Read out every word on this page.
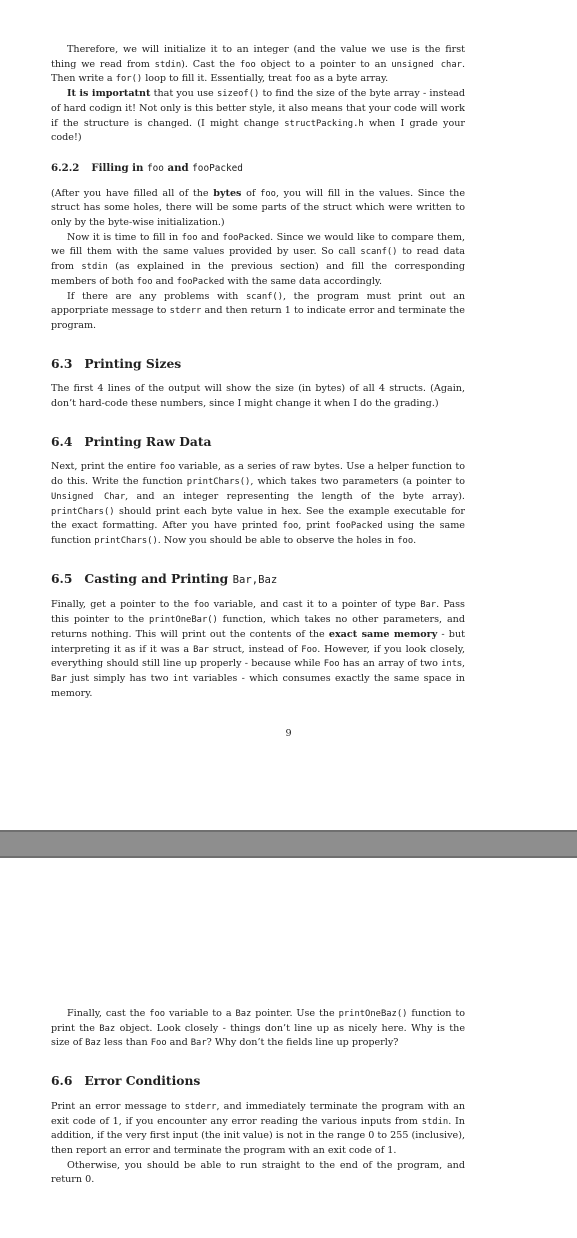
Therefore, we will initialize it to an integer (and the value we use is the first thing we read from stdin). Cast the foo object to a pointer to an unsigned char. Then write a for() loop to fill it. Essentially, treat foo as a byte array.

It is importatnt that you use sizeof() to find the size of the byte array - instead of hard codign it! Not only is this better style, it also means that your code will work if the structure is changed. (I might change structPacking.h when I grade your code!)

6.2.2 Filling in foo and fooPacked

(After you have filled all of the bytes of foo, you will fill in the values. Since the struct has some holes, there will be some parts of the struct which were written to only by the byte-wise initialization.)

Now it is time to fill in foo and fooPacked. Since we would like to compare them, we fill them with the same values provided by user. So call scanf() to read data from stdin (as explained in the previous section) and fill the corresponding members of both foo and fooPacked with the same data accordingly.

If there are any problems with scanf(), the program must print out an apporpriate message to stderr and then return 1 to indicate error and terminate the program.

6.3 Printing Sizes

The first 4 lines of the output will show the size (in bytes) of all 4 structs. (Again, don’t hard-code these numbers, since I might change it when I do the grading.)

6.4 Printing Raw Data

Next, print the entire foo variable, as a series of raw bytes. Use a helper function to do this. Write the function printChars(), which takes two parameters (a pointer to Unsigned Char, and an integer representing the length of the byte array). printChars() should print each byte value in hex. See the example executable for the exact formatting. After you have printed foo, print fooPacked using the same function printChars(). Now you should be able to observe the holes in foo.

6.5 Casting and Printing Bar,Baz

Finally, get a pointer to the foo variable, and cast it to a pointer of type Bar. Pass this pointer to the printOneBar() function, which takes no other parameters, and returns nothing. This will print out the contents of the exact same memory - but interpreting it as if it was a Bar struct, instead of Foo. However, if you look closely, everything should still line up properly - because while Foo has an array of two ints, Bar just simply has two int variables - which consumes exactly the same space in memory.

9

Finally, cast the foo variable to a Baz pointer. Use the printOneBaz() function to print the Baz object. Look closely - things don’t line up as nicely here. Why is the size of Baz less than Foo and Bar? Why don’t the fields line up properly?

6.6 Error Conditions

Print an error message to stderr, and immediately terminate the program with an exit code of 1, if you encounter any error reading the various inputs from stdin. In addition, if the very first input (the init value) is not in the range 0 to 255 (inclusive), then report an error and terminate the program with an exit code of 1.

Otherwise, you should be able to run straight to the end of the program, and return 0.
